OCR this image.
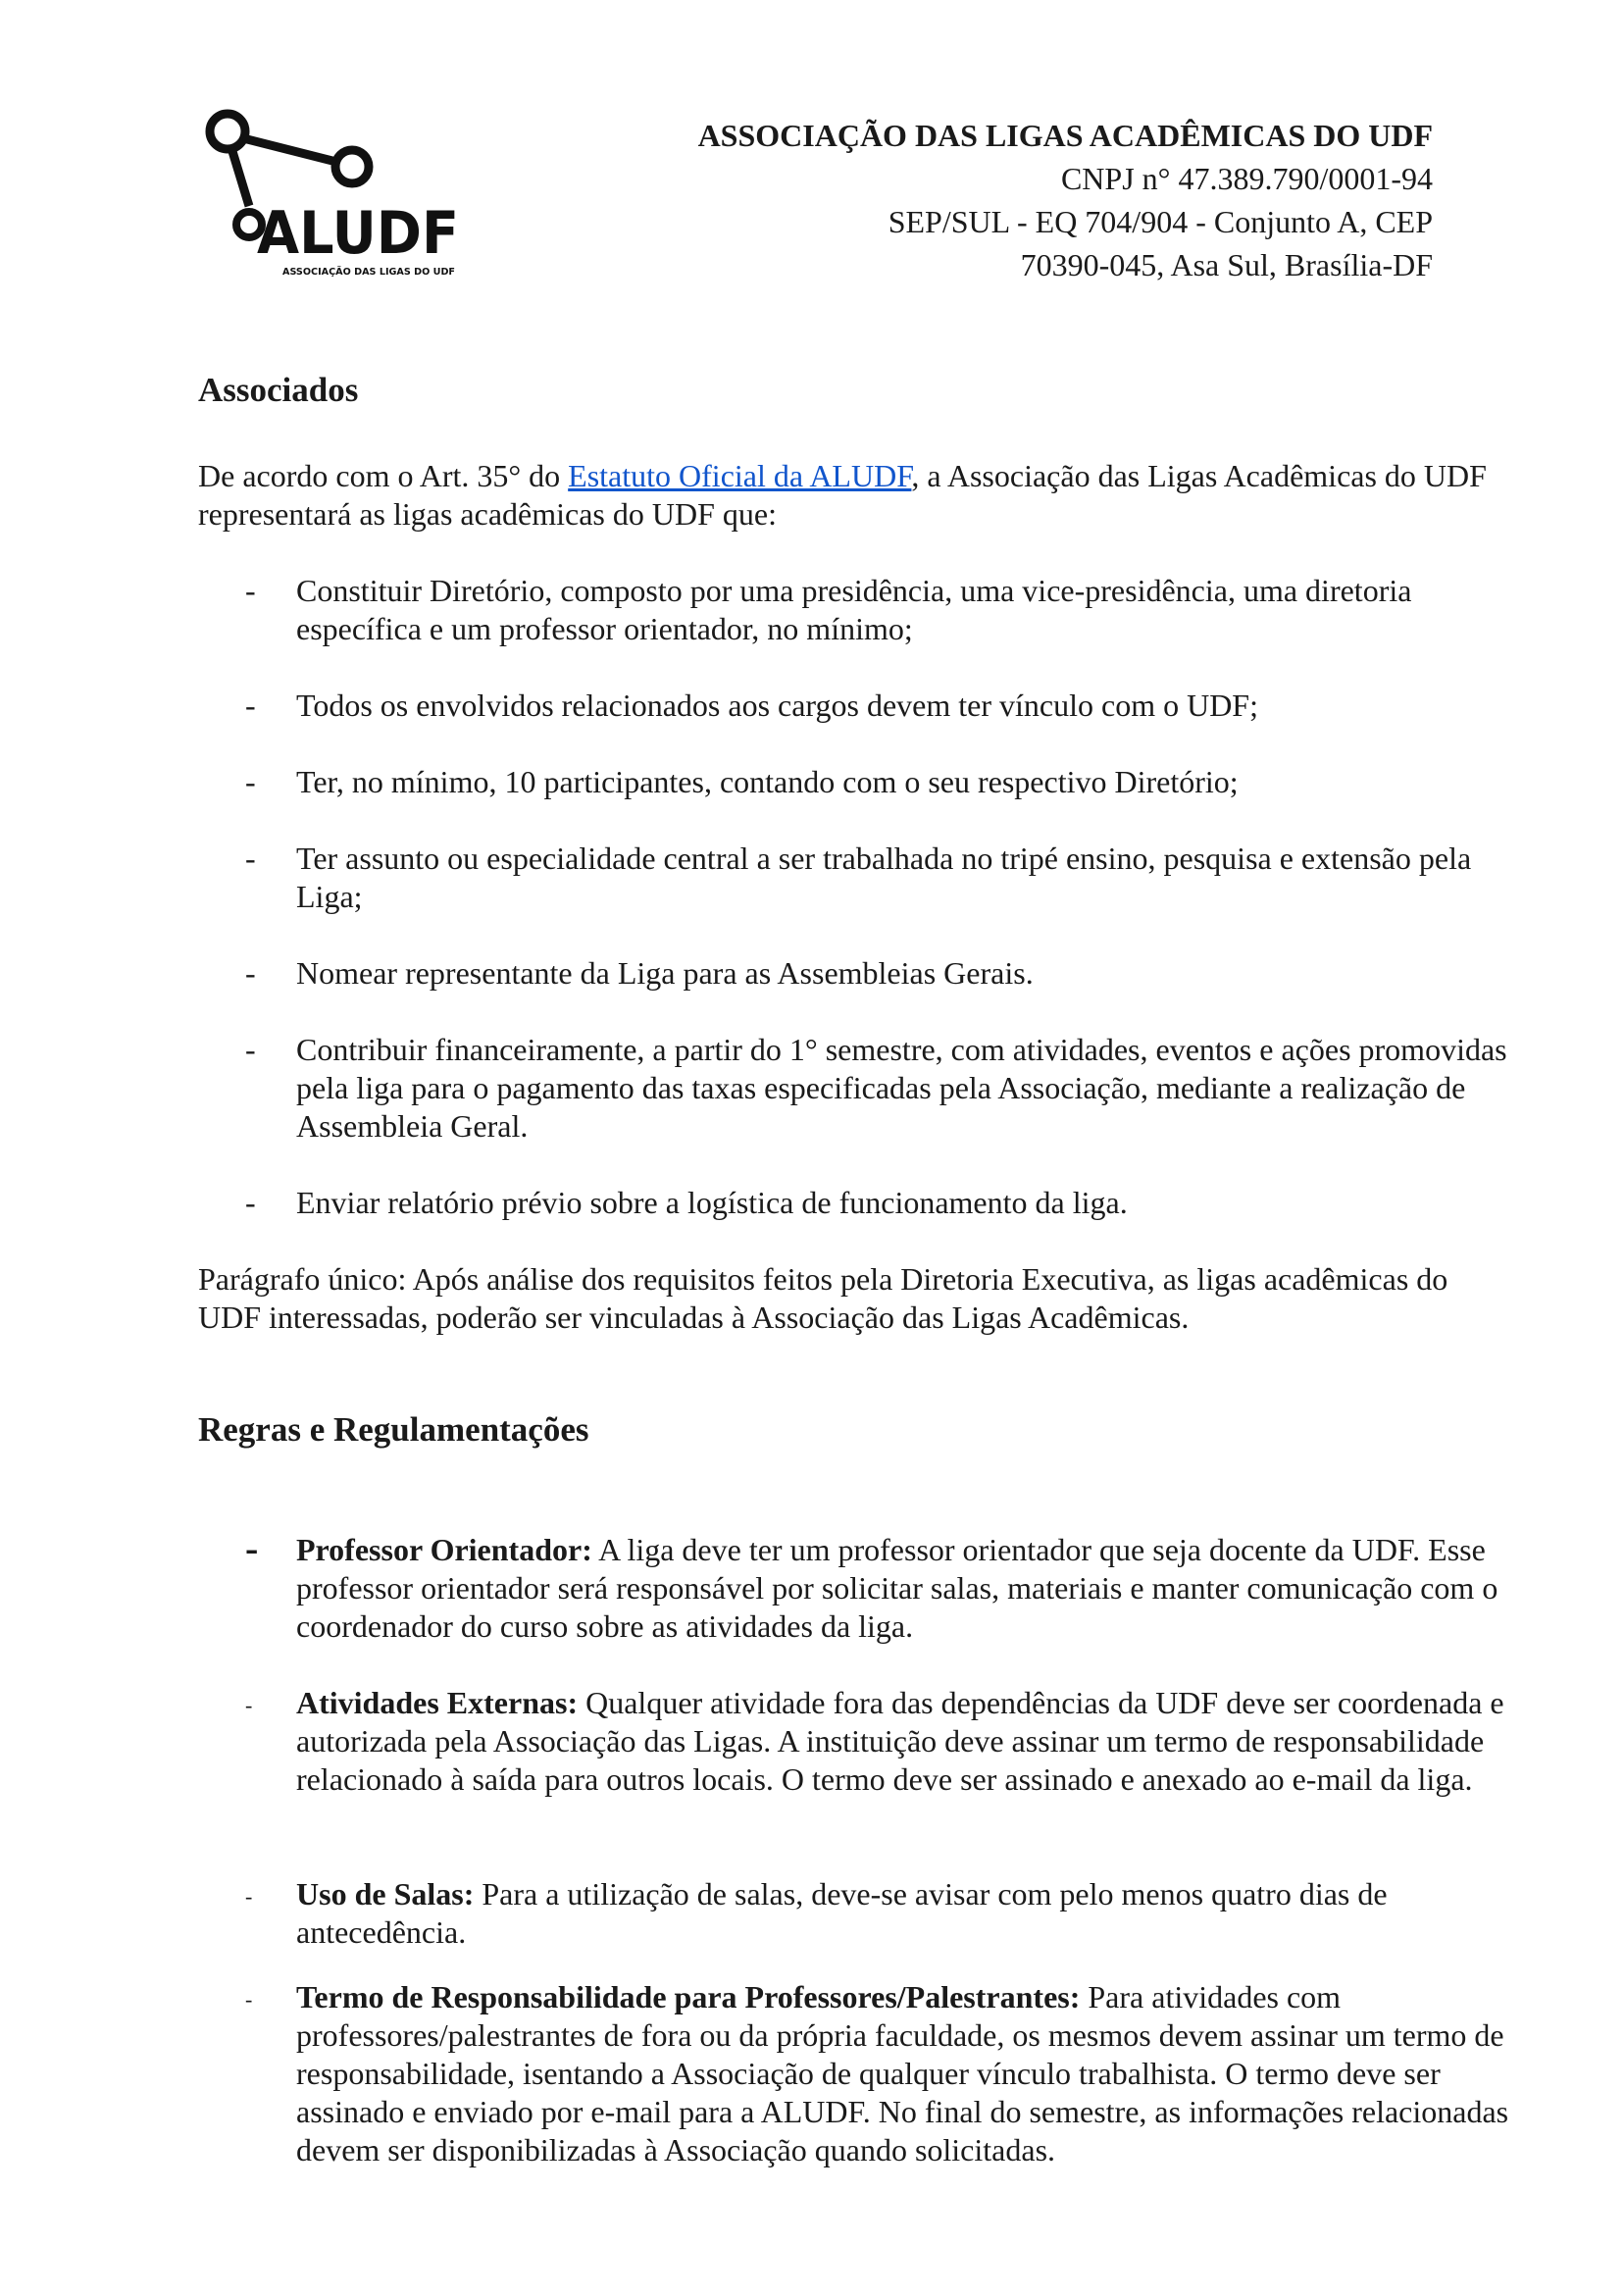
ALUDF
ASSOCIAÇÃO DAS LIGAS DO UDF
ASSOCIAÇÃO DAS LIGAS ACADÊMICAS DO UDF
CNPJ n° 47.389.790/0001-94
SEP/SUL - EQ 704/904 - Conjunto A, CEP
70390-045, Asa Sul, Brasília-DF
Associados
De acordo com o Art. 35° do Estatuto Oficial da ALUDF, a Associação das Ligas Acadêmicas do UDF representará as ligas acadêmicas do UDF que:
- Constituir Diretório, composto por uma presidência, uma vice-presidência, uma diretoria específica e um professor orientador, no mínimo;
- Todos os envolvidos relacionados aos cargos devem ter vínculo com o UDF;
- Ter, no mínimo, 10 participantes, contando com o seu respectivo Diretório;
- Ter assunto ou especialidade central a ser trabalhada no tripé ensino, pesquisa e extensão pela Liga;
- Nomear representante da Liga para as Assembleias Gerais.
- Contribuir financeiramente, a partir do 1° semestre, com atividades, eventos e ações promovidas pela liga para o pagamento das taxas especificadas pela Associação, mediante a realização de Assembleia Geral.
- Enviar relatório prévio sobre a logística de funcionamento da liga.
Parágrafo único: Após análise dos requisitos feitos pela Diretoria Executiva, as ligas acadêmicas do UDF interessadas, poderão ser vinculadas à Associação das Ligas Acadêmicas.
Regras e Regulamentações
- Professor Orientador: A liga deve ter um professor orientador que seja docente da UDF. Esse professor orientador será responsável por solicitar salas, materiais e manter comunicação com o coordenador do curso sobre as atividades da liga.
- Atividades Externas: Qualquer atividade fora das dependências da UDF deve ser coordenada e autorizada pela Associação das Ligas. A instituição deve assinar um termo de responsabilidade relacionado à saída para outros locais. O termo deve ser assinado e anexado ao e-mail da liga.
- Uso de Salas: Para a utilização de salas, deve-se avisar com pelo menos quatro dias de antecedência.
- Termo de Responsabilidade para Professores/Palestrantes: Para atividades com professores/palestrantes de fora ou da própria faculdade, os mesmos devem assinar um termo de responsabilidade, isentando a Associação de qualquer vínculo trabalhista. O termo deve ser assinado e enviado por e-mail para a ALUDF. No final do semestre, as informações relacionadas devem ser disponibilizadas à Associação quando solicitadas.
